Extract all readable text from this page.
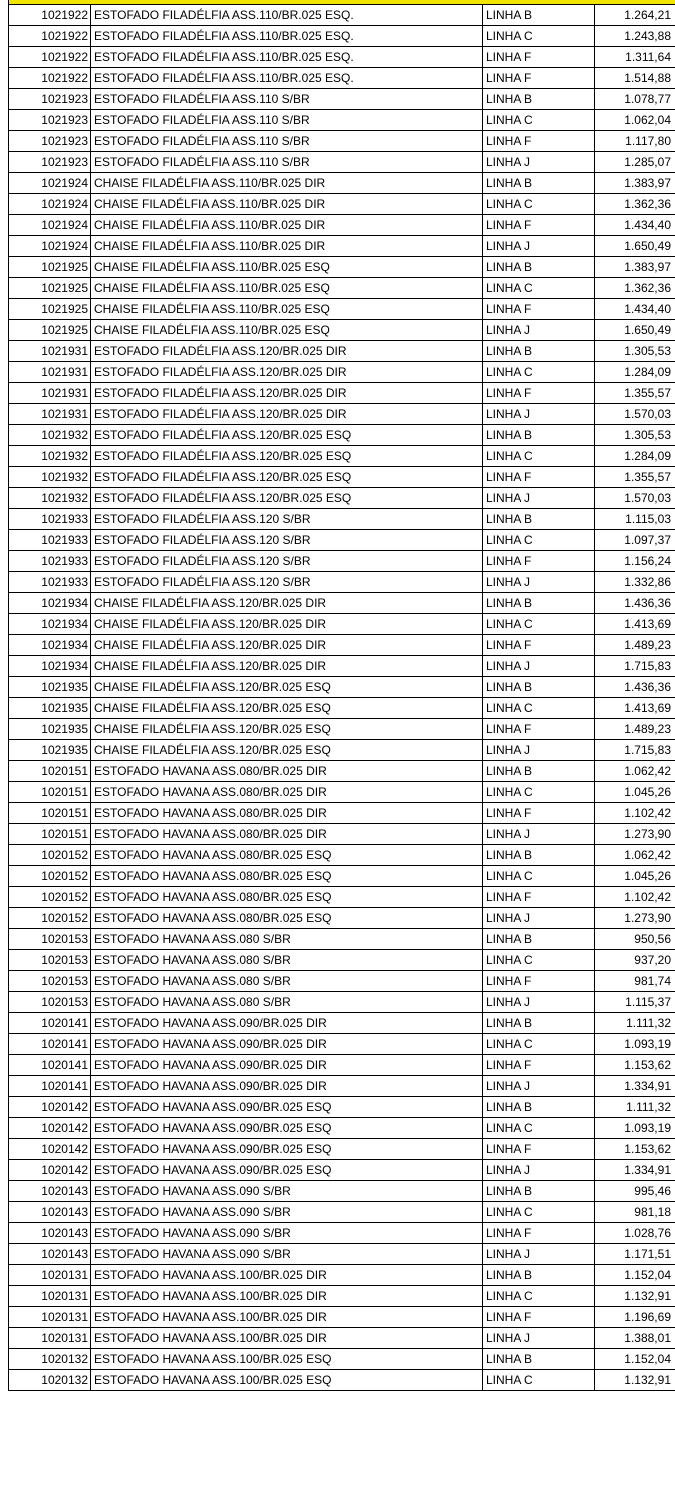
1021922	ESTOFADO FILADÉLFIA ASS.110/BR.025 ESQ.	LINHA B	1.264,21
1021922	ESTOFADO FILADÉLFIA ASS.110/BR.025 ESQ.	LINHA C	1.243,88
1021922	ESTOFADO FILADÉLFIA ASS.110/BR.025 ESQ.	LINHA F	1.311,64
1021922	ESTOFADO FILADÉLFIA ASS.110/BR.025 ESQ.	LINHA F	1.514,88
1021923	ESTOFADO FILADÉLFIA ASS.110 S/BR	LINHA B	1.078,77
1021923	ESTOFADO FILADÉLFIA ASS.110 S/BR	LINHA C	1.062,04
1021923	ESTOFADO FILADÉLFIA ASS.110 S/BR	LINHA F	1.117,80
1021923	ESTOFADO FILADÉLFIA ASS.110 S/BR	LINHA J	1.285,07
1021924	CHAISE FILADÉLFIA ASS.110/BR.025 DIR	LINHA B	1.383,97
1021924	CHAISE FILADÉLFIA ASS.110/BR.025 DIR	LINHA C	1.362,36
1021924	CHAISE FILADÉLFIA ASS.110/BR.025 DIR	LINHA F	1.434,40
1021924	CHAISE FILADÉLFIA ASS.110/BR.025 DIR	LINHA J	1.650,49
1021925	CHAISE FILADÉLFIA ASS.110/BR.025 ESQ	LINHA B	1.383,97
1021925	CHAISE FILADÉLFIA ASS.110/BR.025 ESQ	LINHA C	1.362,36
1021925	CHAISE FILADÉLFIA ASS.110/BR.025 ESQ	LINHA F	1.434,40
1021925	CHAISE FILADÉLFIA ASS.110/BR.025 ESQ	LINHA J	1.650,49
1021931	ESTOFADO FILADÉLFIA ASS.120/BR.025 DIR	LINHA B	1.305,53
1021931	ESTOFADO FILADÉLFIA ASS.120/BR.025 DIR	LINHA C	1.284,09
1021931	ESTOFADO FILADÉLFIA ASS.120/BR.025 DIR	LINHA F	1.355,57
1021931	ESTOFADO FILADÉLFIA ASS.120/BR.025 DIR	LINHA J	1.570,03
1021932	ESTOFADO FILADÉLFIA ASS.120/BR.025 ESQ	LINHA B	1.305,53
1021932	ESTOFADO FILADÉLFIA ASS.120/BR.025 ESQ	LINHA C	1.284,09
1021932	ESTOFADO FILADÉLFIA ASS.120/BR.025 ESQ	LINHA F	1.355,57
1021932	ESTOFADO FILADÉLFIA ASS.120/BR.025 ESQ	LINHA J	1.570,03
1021933	ESTOFADO FILADÉLFIA ASS.120 S/BR	LINHA B	1.115,03
1021933	ESTOFADO FILADÉLFIA ASS.120 S/BR	LINHA C	1.097,37
1021933	ESTOFADO FILADÉLFIA ASS.120 S/BR	LINHA F	1.156,24
1021933	ESTOFADO FILADÉLFIA ASS.120 S/BR	LINHA J	1.332,86
1021934	CHAISE FILADÉLFIA ASS.120/BR.025 DIR	LINHA B	1.436,36
1021934	CHAISE FILADÉLFIA ASS.120/BR.025 DIR	LINHA C	1.413,69
1021934	CHAISE FILADÉLFIA ASS.120/BR.025 DIR	LINHA F	1.489,23
1021934	CHAISE FILADÉLFIA ASS.120/BR.025 DIR	LINHA J	1.715,83
1021935	CHAISE FILADÉLFIA ASS.120/BR.025 ESQ	LINHA B	1.436,36
1021935	CHAISE FILADÉLFIA ASS.120/BR.025 ESQ	LINHA C	1.413,69
1021935	CHAISE FILADÉLFIA ASS.120/BR.025 ESQ	LINHA F	1.489,23
1021935	CHAISE FILADÉLFIA ASS.120/BR.025 ESQ	LINHA J	1.715,83
1020151	ESTOFADO HAVANA ASS.080/BR.025 DIR	LINHA B	1.062,42
1020151	ESTOFADO HAVANA ASS.080/BR.025 DIR	LINHA C	1.045,26
1020151	ESTOFADO HAVANA ASS.080/BR.025 DIR	LINHA F	1.102,42
1020151	ESTOFADO HAVANA ASS.080/BR.025 DIR	LINHA J	1.273,90
1020152	ESTOFADO HAVANA ASS.080/BR.025 ESQ	LINHA B	1.062,42
1020152	ESTOFADO HAVANA ASS.080/BR.025 ESQ	LINHA C	1.045,26
1020152	ESTOFADO HAVANA ASS.080/BR.025 ESQ	LINHA F	1.102,42
1020152	ESTOFADO HAVANA ASS.080/BR.025 ESQ	LINHA J	1.273,90
1020153	ESTOFADO HAVANA ASS.080 S/BR	LINHA B	950,56
1020153	ESTOFADO HAVANA ASS.080 S/BR	LINHA C	937,20
1020153	ESTOFADO HAVANA ASS.080 S/BR	LINHA F	981,74
1020153	ESTOFADO HAVANA ASS.080 S/BR	LINHA J	1.115,37
1020141	ESTOFADO HAVANA ASS.090/BR.025 DIR	LINHA B	1.111,32
1020141	ESTOFADO HAVANA ASS.090/BR.025 DIR	LINHA C	1.093,19
1020141	ESTOFADO HAVANA ASS.090/BR.025 DIR	LINHA F	1.153,62
1020141	ESTOFADO HAVANA ASS.090/BR.025 DIR	LINHA J	1.334,91
1020142	ESTOFADO HAVANA ASS.090/BR.025 ESQ	LINHA B	1.111,32
1020142	ESTOFADO HAVANA ASS.090/BR.025 ESQ	LINHA C	1.093,19
1020142	ESTOFADO HAVANA ASS.090/BR.025 ESQ	LINHA F	1.153,62
1020142	ESTOFADO HAVANA ASS.090/BR.025 ESQ	LINHA J	1.334,91
1020143	ESTOFADO HAVANA ASS.090 S/BR	LINHA B	995,46
1020143	ESTOFADO HAVANA ASS.090 S/BR	LINHA C	981,18
1020143	ESTOFADO HAVANA ASS.090 S/BR	LINHA F	1.028,76
1020143	ESTOFADO HAVANA ASS.090 S/BR	LINHA J	1.171,51
1020131	ESTOFADO HAVANA ASS.100/BR.025 DIR	LINHA B	1.152,04
1020131	ESTOFADO HAVANA ASS.100/BR.025 DIR	LINHA C	1.132,91
1020131	ESTOFADO HAVANA ASS.100/BR.025 DIR	LINHA F	1.196,69
1020131	ESTOFADO HAVANA ASS.100/BR.025 DIR	LINHA J	1.388,01
1020132	ESTOFADO HAVANA ASS.100/BR.025 ESQ	LINHA B	1.152,04
1020132	ESTOFADO HAVANA ASS.100/BR.025 ESQ	LINHA C	1.132,91
